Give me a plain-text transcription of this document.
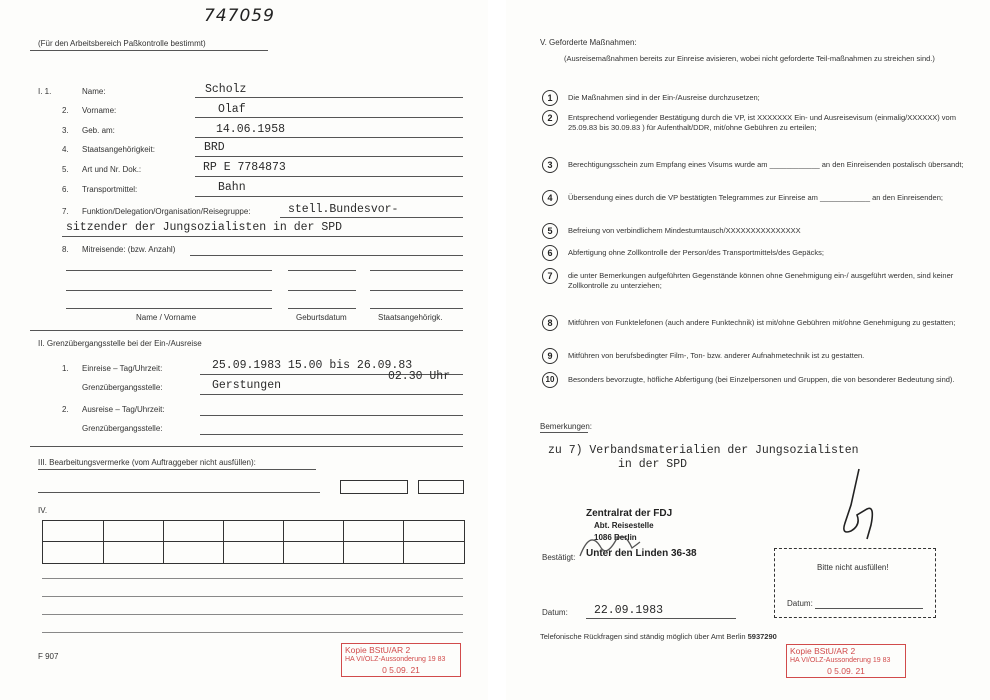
747059
(Für den Arbeitsbereich Paßkontrolle bestimmt)
I. 1.	Name:	Scholz
2. Vorname:	Olaf
3. Geb. am:	14.06.1958
4. Staatsangehörigkeit:	BRD
5. Art und Nr. Dok.:	RP E 7784873
6. Transportmittel:	Bahn
7. Funktion/Delegation/Organisation/Reisegruppe:	stell.Bundesvor-
sitzender der Jungsozialisten in der SPD
8. Mitreisende: (bzw. Anzahl)
Name / Vorname	Geburtsdatum	Staatsangehörigk.
II. Grenzübergangsstelle bei der Ein-/Ausreise
1. Einreise – Tag/Uhrzeit:	25.09.1983 15.00 bis 26.09.83
02.30 Uhr
Grenzübergangsstelle:	Gerstungen
2. Ausreise – Tag/Uhrzeit:
Grenzübergangsstelle:
III. Bearbeitungsvermerke (vom Auftraggeber nicht ausfüllen):
IV.
F 907
Kopie BStU/AR 2
HA VI/OLZ-Aussonderung 19 83
0 5.09. 21
V. Geforderte Maßnahmen:
(Ausreisemaßnahmen bereits zur Einreise avisieren, wobei nicht geforderte Teil-maßnahmen zu streichen sind.)
1	Die Maßnahmen sind in der Ein-/Ausreise durchzusetzen;
2	Entsprechend vorliegender Bestätigung durch die VP, ist XXXXXXX Ein- und Ausreisevisum (einmalig/XXXXXX) vom 25.09.83 bis 30.09.83 ) für Aufenthalt/DDR, mit/ohne Gebühren zu erteilen;
3	Berechtigungsschein zum Empfang eines Visums wurde am ____________ an den Einreisenden postalisch übersandt;
4	Übersendung eines durch die VP bestätigten Telegrammes zur Einreise am ____________ an den Einreisenden;
5	Befreiung von verbindlichem Mindestumtausch/XXXXXXXXXXXXXXX
6	Abfertigung ohne Zollkontrolle der Person/des Transportmittels/des Gepäcks;
7	die unter Bemerkungen aufgeführten Gegenstände können ohne Genehmigung ein-/ ausgeführt werden, sind keiner Zollkontrolle zu unterziehen;
8	Mitführen von Funktelefonen (auch andere Funktechnik) ist mit/ohne Gebühren mit/ohne Genehmigung zu gestatten;
9	Mitführen von berufsbedingter Film-, Ton- bzw. anderer Aufnahmetechnik ist zu gestatten.
10	Besonders bevorzugte, höfliche Abfertigung (bei Einzelpersonen und Gruppen, die von besonderer Bedeutung sind).
Bemerkungen:
zu 7) Verbandsmaterialien der Jungsozialisten
in der SPD
Zentralrat der FDJ
Abt. Reisestelle
1086 Berlin
Unter den Linden 36-38
Bestätigt:
Bitte nicht ausfüllen!
Datum:
Datum: 22.09.1983
Telefonische Rückfragen sind ständig möglich über Amt Berlin 5937290
Kopie BStU/AR 2
HA VI/OLZ-Aussonderung 19 83
0 5.09. 21
